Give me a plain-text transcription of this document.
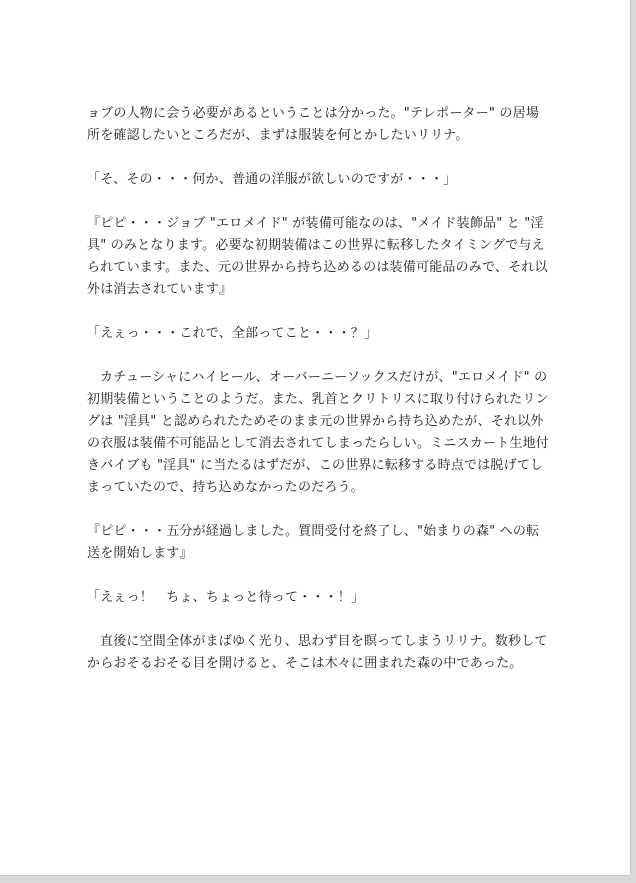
ョブの人物に会う必要があるということは分かった。"テレポーター" の居場所を確認したいところだが、まずは服装を何とかしたいリリナ。

「そ、その・・・何か、普通の洋服が欲しいのですが・・・」

『ピピ・・・ジョブ "エロメイド" が装備可能なのは、"メイド装飾品" と "淫具" のみとなります。必要な初期装備はこの世界に転移したタイミングで与えられています。また、元の世界から持ち込めるのは装備可能品のみで、それ以外は消去されています』

「えぇっ・・・これで、全部ってこと・・・？」

カチューシャにハイヒール、オーバーニーソックスだけが、"エロメイド" の初期装備ということのようだ。また、乳首とクリトリスに取り付けられたリングは "淫具" と認められたためそのまま元の世界から持ち込めたが、それ以外の衣服は装備不可能品として消去されてしまったらしい。ミニスカート生地付きバイブも "淫具" に当たるはずだが、この世界に転移する時点では脱げてしまっていたので、持ち込めなかったのだろう。

『ピピ・・・五分が経過しました。質問受付を終了し、"始まりの森" への転送を開始します』

「えぇっ！　ちょ、ちょっと待って・・・！」

直後に空間全体がまばゆく光り、思わず目を瞑ってしまうリリナ。数秒してからおそるおそる目を開けると、そこは木々に囲まれた森の中であった。
